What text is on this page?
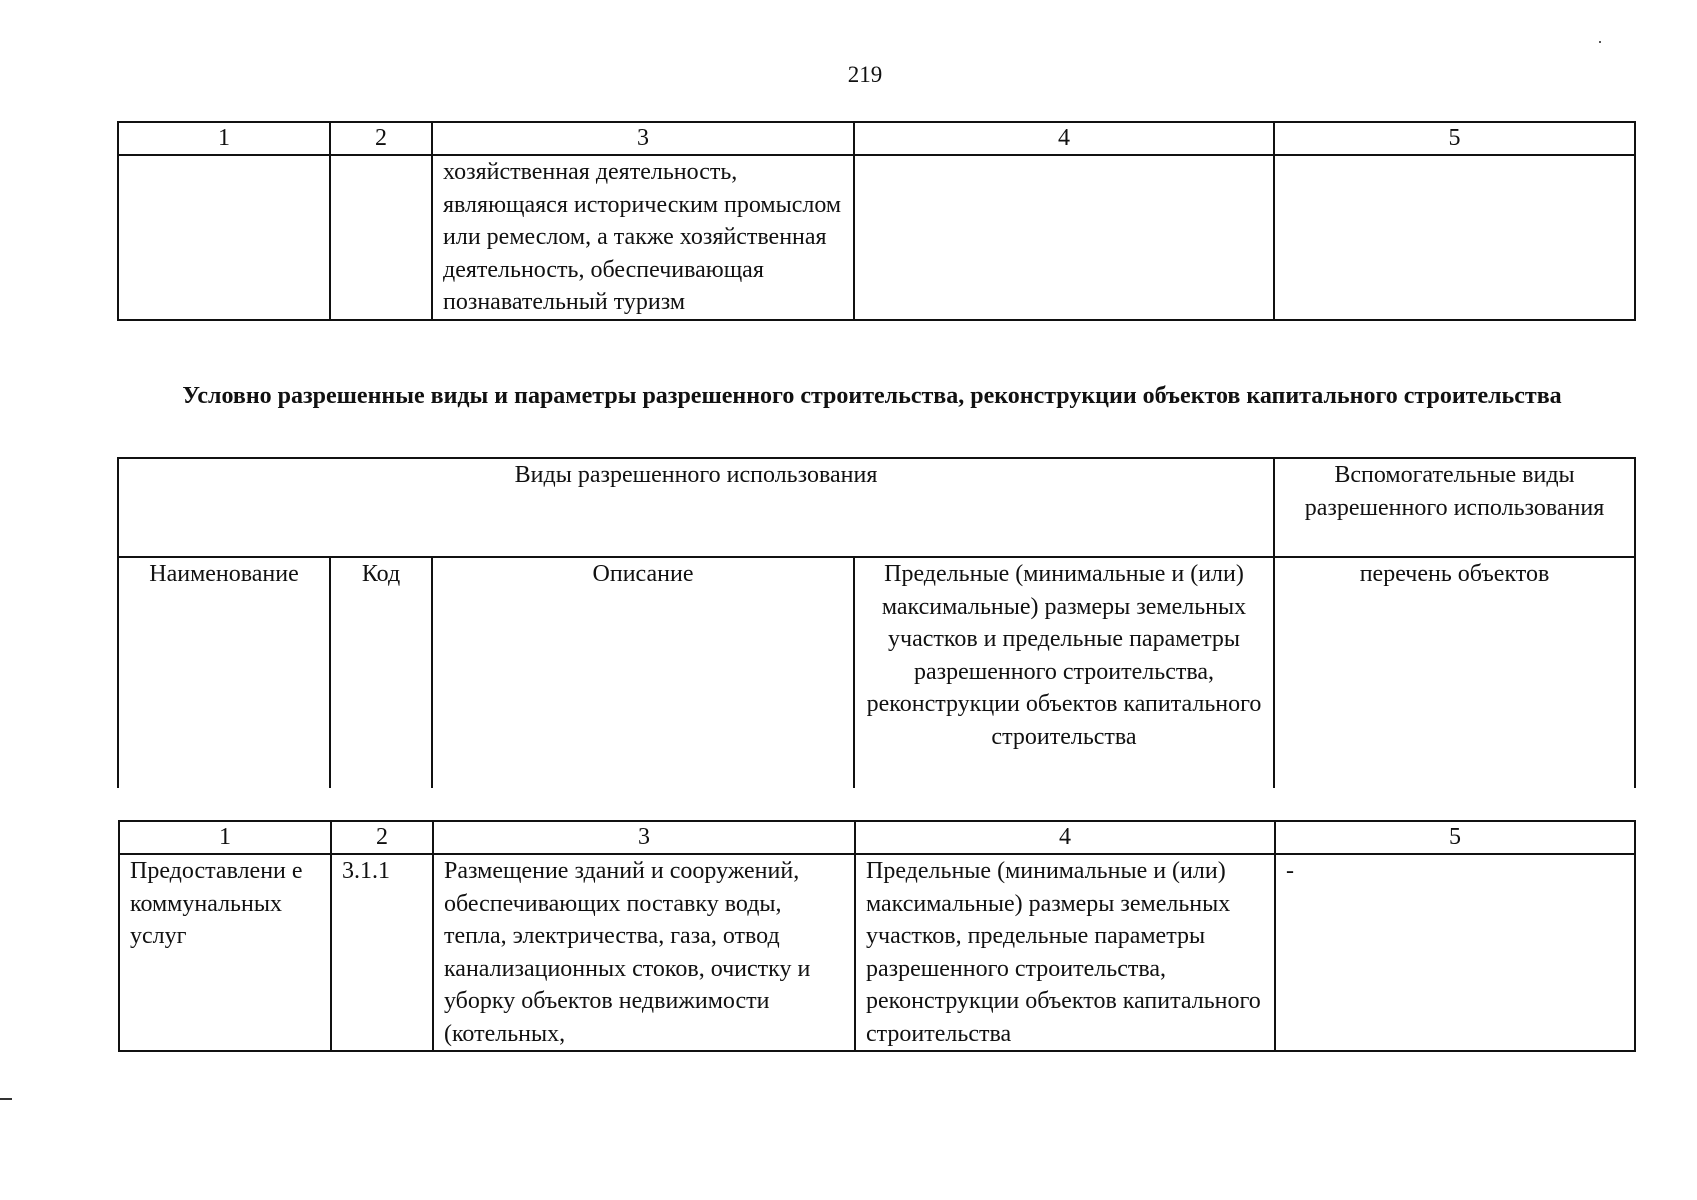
219
1	2	3	4	5
		хозяйственная деятельность, являющаяся историческим промыслом или ремеслом, а также хозяйственная деятельность, обеспечивающая познавательный туризм		
Условно разрешенные виды и параметры разрешенного строительства, реконструкции объектов капитального строительства
Виды разрешенного использования				Вспомогательные виды разрешенного использования
Наименование	Код	Описание	Предельные (минимальные и (или) максимальные) размеры земельных участков и предельные параметры разрешенного строительства, реконструкции объектов капитального строительства	перечень объектов
1	2	3	4	5
Предоставлени е коммунальных услуг	3.1.1	Размещение зданий и сооружений, обеспечивающих поставку воды, тепла, электричества, газа, отвод канализационных стоков, очистку и уборку объектов недвижимости (котельных,	Предельные (минимальные и (или) максимальные) размеры земельных участков, предельные параметры разрешенного строительства, реконструкции объектов капитального строительства	-
